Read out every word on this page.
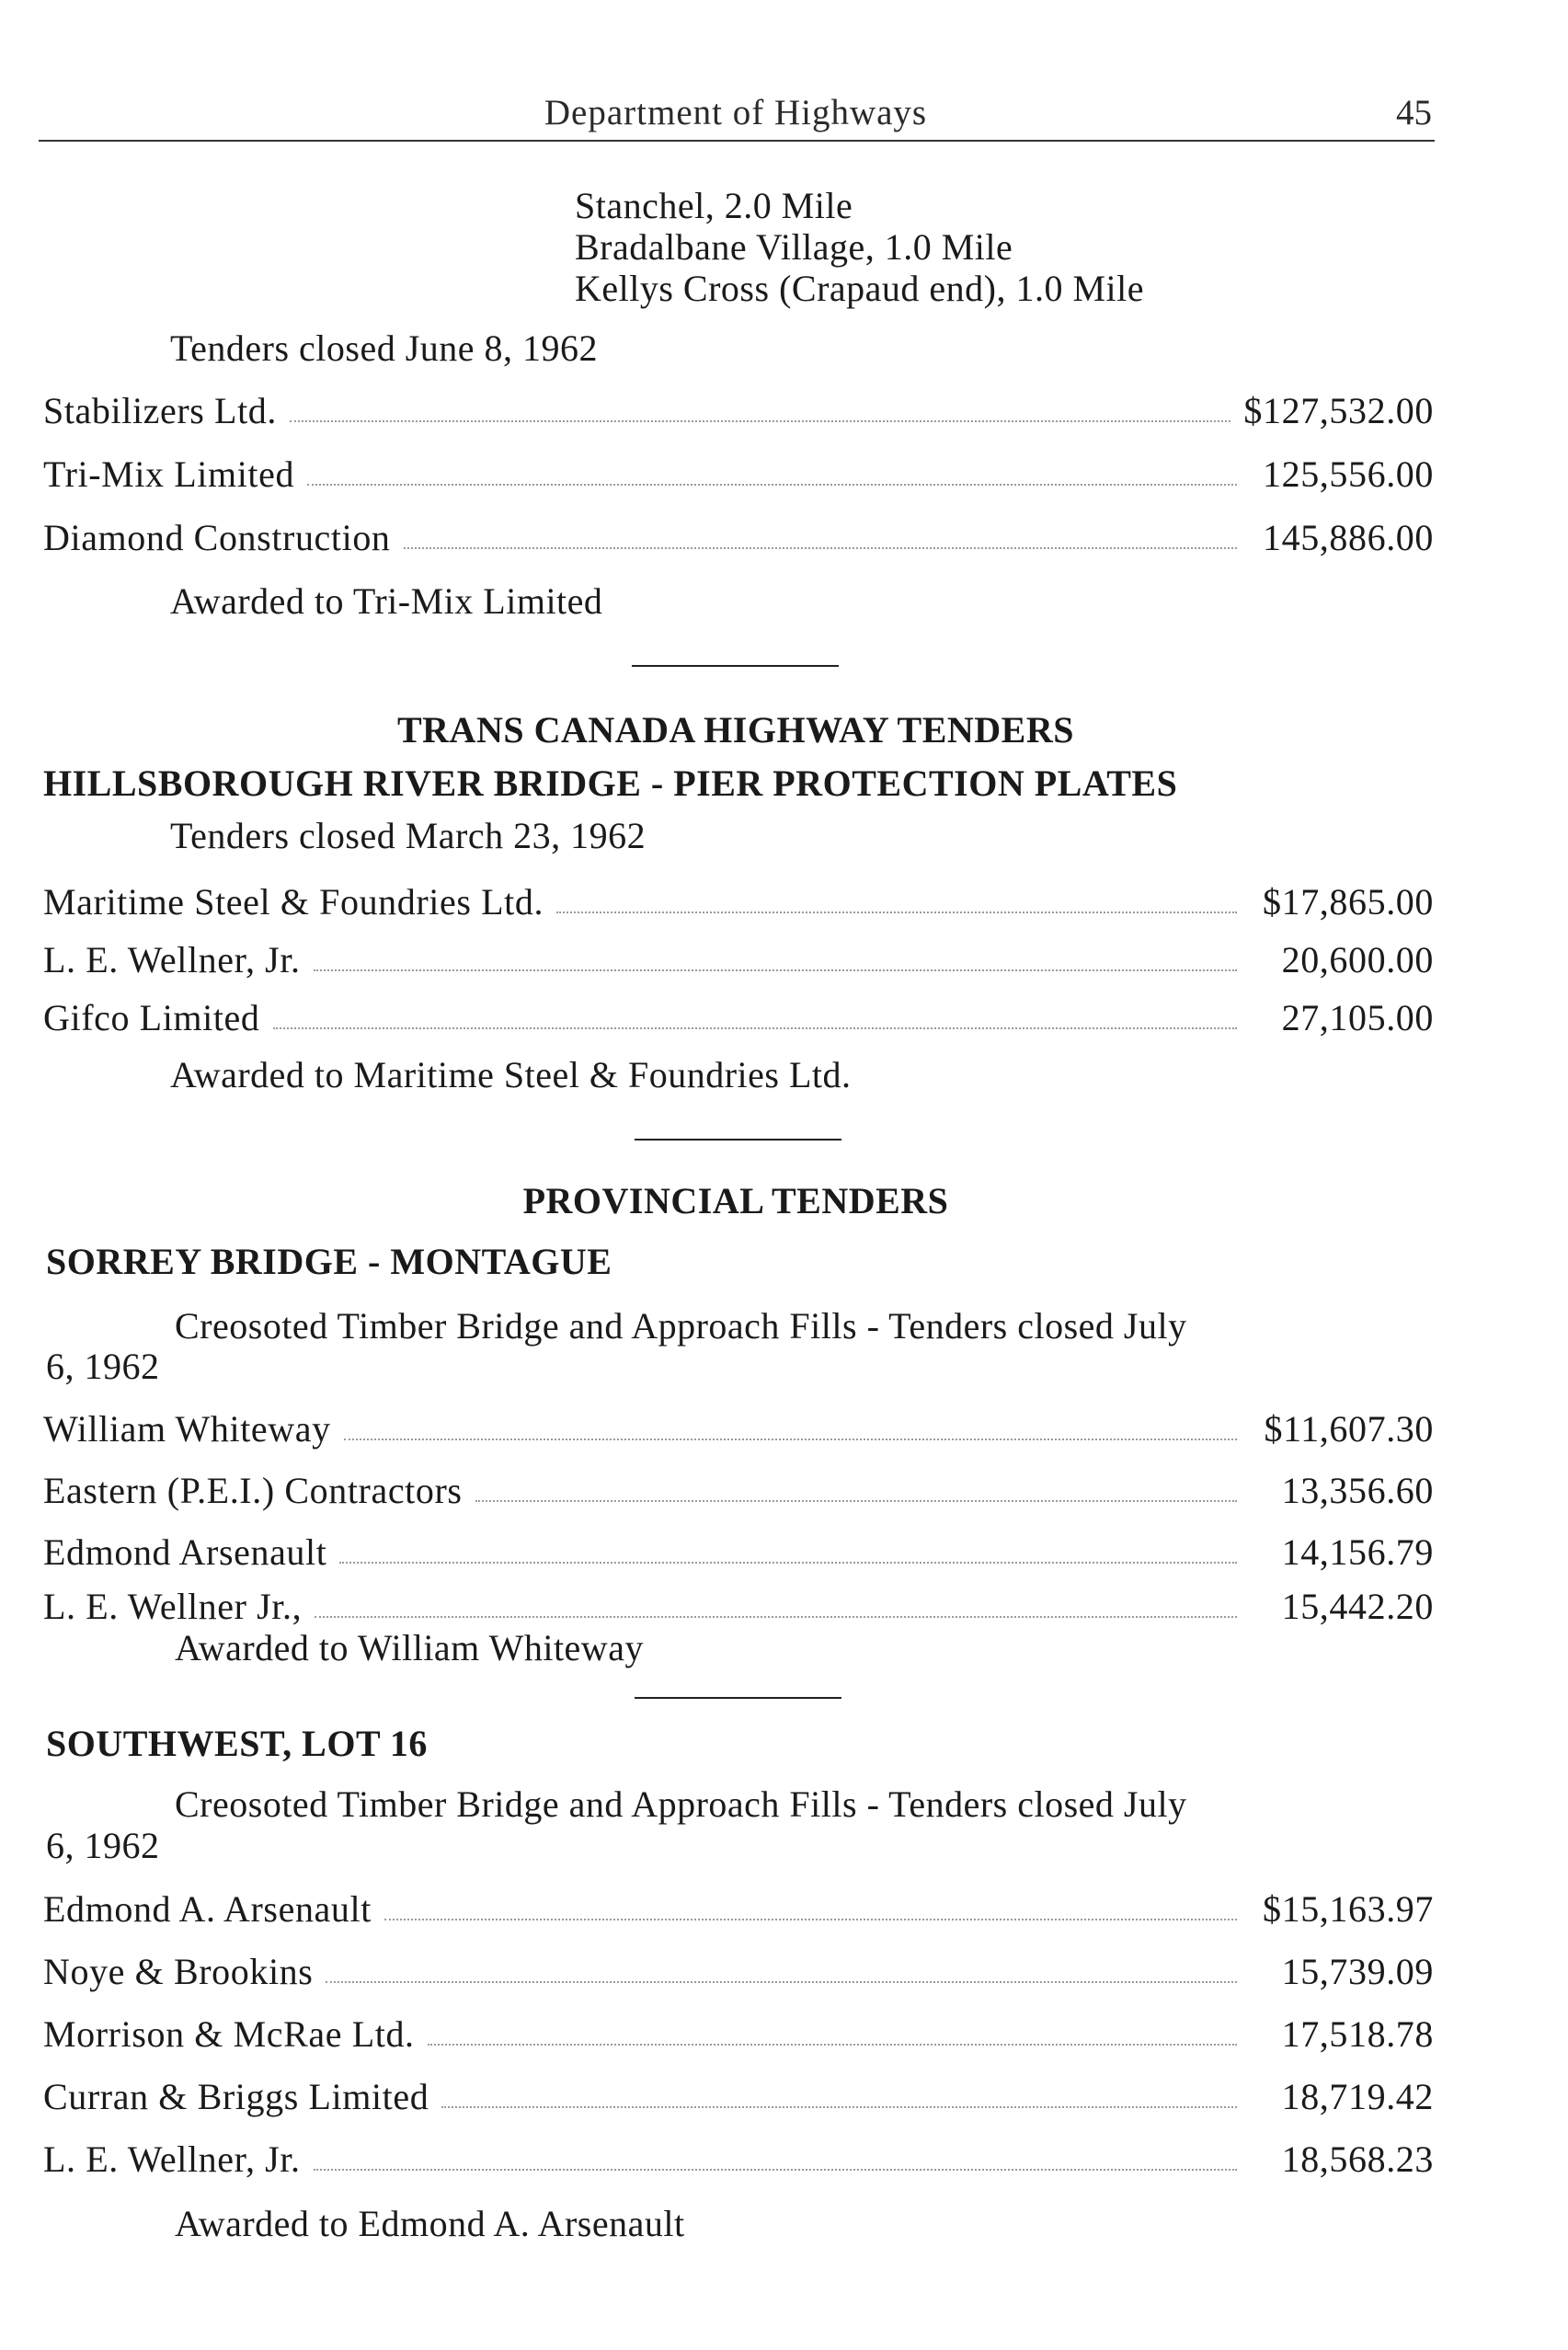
Department of Highways	45
Stanchel, 2.0 Mile
Bradalbane Village, 1.0 Mile
Kellys Cross (Crapaud end), 1.0 Mile
Tenders closed June 8, 1962
Stabilizers Ltd.	$127,532.00
Tri-Mix Limited	125,556.00
Diamond Construction	145,886.00
Awarded to Tri-Mix Limited
TRANS CANADA HIGHWAY TENDERS
HILLSBOROUGH RIVER BRIDGE - PIER PROTECTION PLATES
Tenders closed March 23, 1962
Maritime Steel & Foundries Ltd.	$17,865.00
L. E. Wellner, Jr.	20,600.00
Gifco Limited	27,105.00
Awarded to Maritime Steel & Foundries Ltd.
PROVINCIAL TENDERS
SORREY BRIDGE - MONTAGUE
Creosoted Timber Bridge and Approach Fills - Tenders closed July
6, 1962
William Whiteway	$11,607.30
Eastern (P.E.I.) Contractors	13,356.60
Edmond Arsenault	14,156.79
L. E. Wellner Jr.,	15,442.20
Awarded to William Whiteway
SOUTHWEST, LOT 16
Creosoted Timber Bridge and Approach Fills - Tenders closed July
6, 1962
Edmond A. Arsenault	$15,163.97
Noye & Brookins	15,739.09
Morrison & McRae Ltd.	17,518.78
Curran & Briggs Limited	18,719.42
L. E. Wellner, Jr.	18,568.23
Awarded to Edmond A. Arsenault
